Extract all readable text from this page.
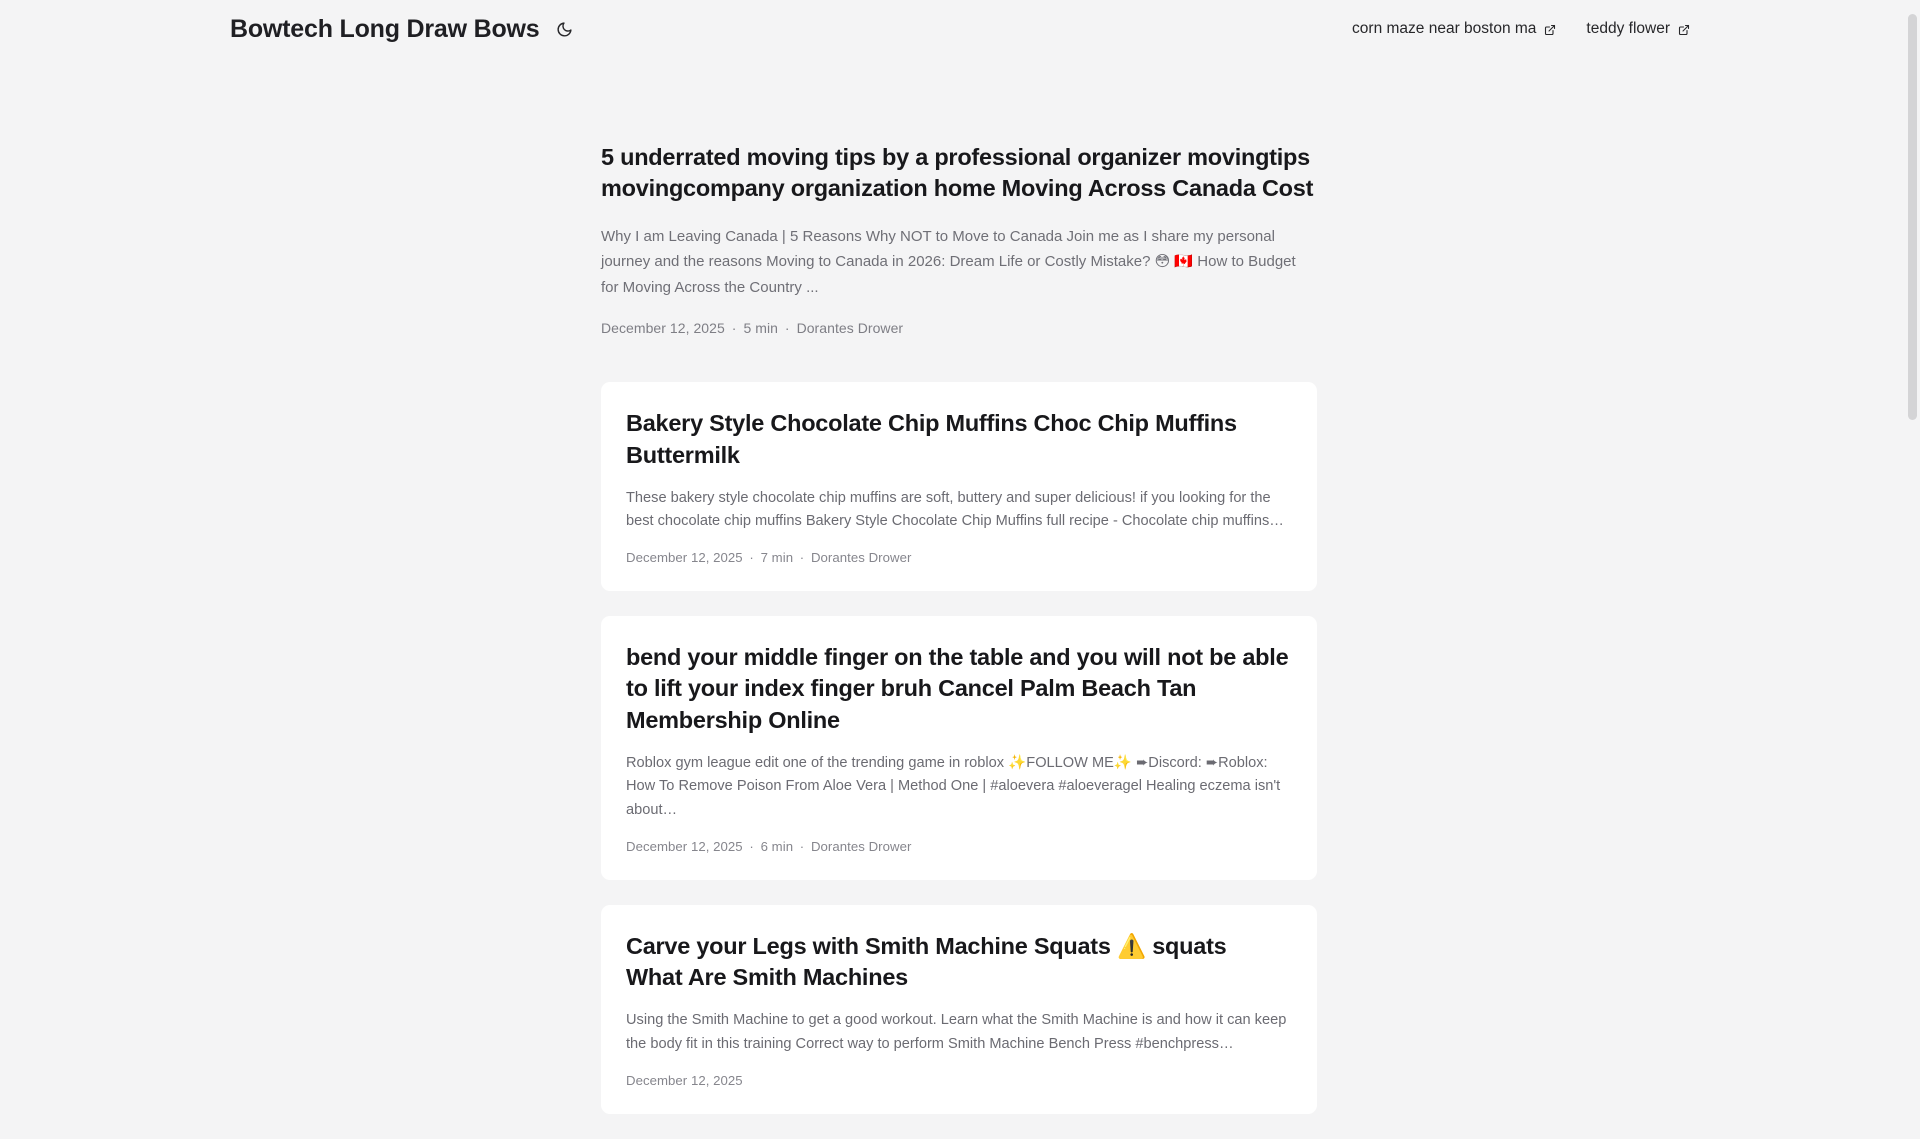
Bowtech Long Draw Bows	corn maze near boston ma	teddy flower
5 underrated moving tips by a professional organizer movingtips movingcompany organization home Moving Across Canada Cost

Why I am Leaving Canada | 5 Reasons Why NOT to Move to Canada Join me as I share my personal journey and the reasons Moving to Canada in 2026: Dream Life or Costly Mistake? 😳 🇨🇦 How to Budget for Moving Across the Country ...

December 12, 2025 · 5 min · Dorantes Drower
Bakery Style Chocolate Chip Muffins Choc Chip Muffins Buttermilk

These bakery style chocolate chip muffins are soft, buttery and super delicious! if you looking for the best chocolate chip muffins Bakery Style Chocolate Chip Muffins full recipe - Chocolate chip muffins…

December 12, 2025 · 7 min · Dorantes Drower
bend your middle finger on the table and you will not be able to lift your index finger bruh Cancel Palm Beach Tan Membership Online

Roblox gym league edit one of the trending game in roblox ✨FOLLOW ME✨ ➨Discord: ➨Roblox: How To Remove Poison From Aloe Vera | Method One | #aloevera #aloeveragel Healing eczema isn't about…

December 12, 2025 · 6 min · Dorantes Drower
Carve your Legs with Smith Machine Squats ⚠️ squats What Are Smith Machines

Using the Smith Machine to get a good workout. Learn what the Smith Machine is and how it can keep the body fit in this training Correct way to perform Smith Machine Bench Press #benchpress…

December 12, 2025
